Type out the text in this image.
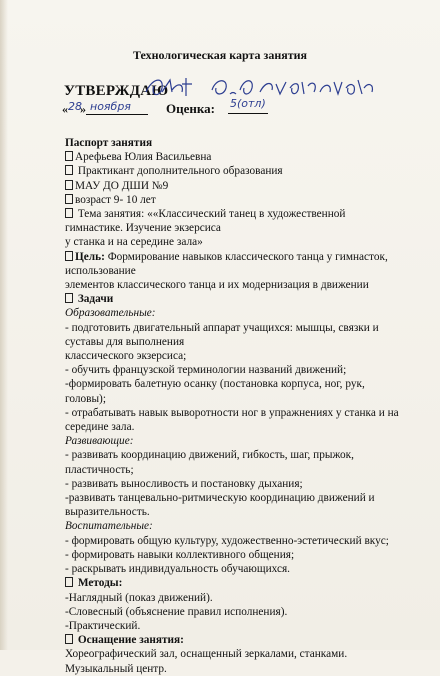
Технологическая карта занятия
УТВЕРЖДАЮ
« 28
» ноября	Оценка: 5(отл)
Паспорт занятия
Арефьева Юлия Васильевна
Практикант дополнительного образования
МАУ ДО ДШИ №9
возраст 9- 10 лет
Тема занятия: ««Классический танец в художественной
гимнастике. Изучение экзерсиса
у станка и на середине зала»
Цель: Формирование навыков классического танца у гимнасток,
использование
элементов классического танца и их модернизация в движении
Задачи
Образовательные:
- подготовить двигательный аппарат учащихся: мышцы, связки и
суставы для выполнения
классического экзерсиса;
- обучить французской терминологии названий движений;
-формировать балетную осанку (постановка корпуса, ног, рук,
головы);
- отрабатывать навык выворотности ног в упражнениях у станка и на
середине зала.
Развивающие:
- развивать координацию движений, гибкость, шаг, прыжок,
пластичность;
- развивать выносливость и постановку дыхания;
-развивать танцевально-ритмическую координацию движений и
выразительность.
Воспитательные:
- формировать общую культуру, художественно-эстетический вкус;
- формировать навыки коллективного общения;
- раскрывать индивидуальность обучающихся.
Методы:
-Наглядный (показ движений).
-Словесный (объяснение правил исполнения).
-Практический.
Оснащение занятия:
Хореографический зал, оснащенный зеркалами, станками.
Музыкальный центр.
